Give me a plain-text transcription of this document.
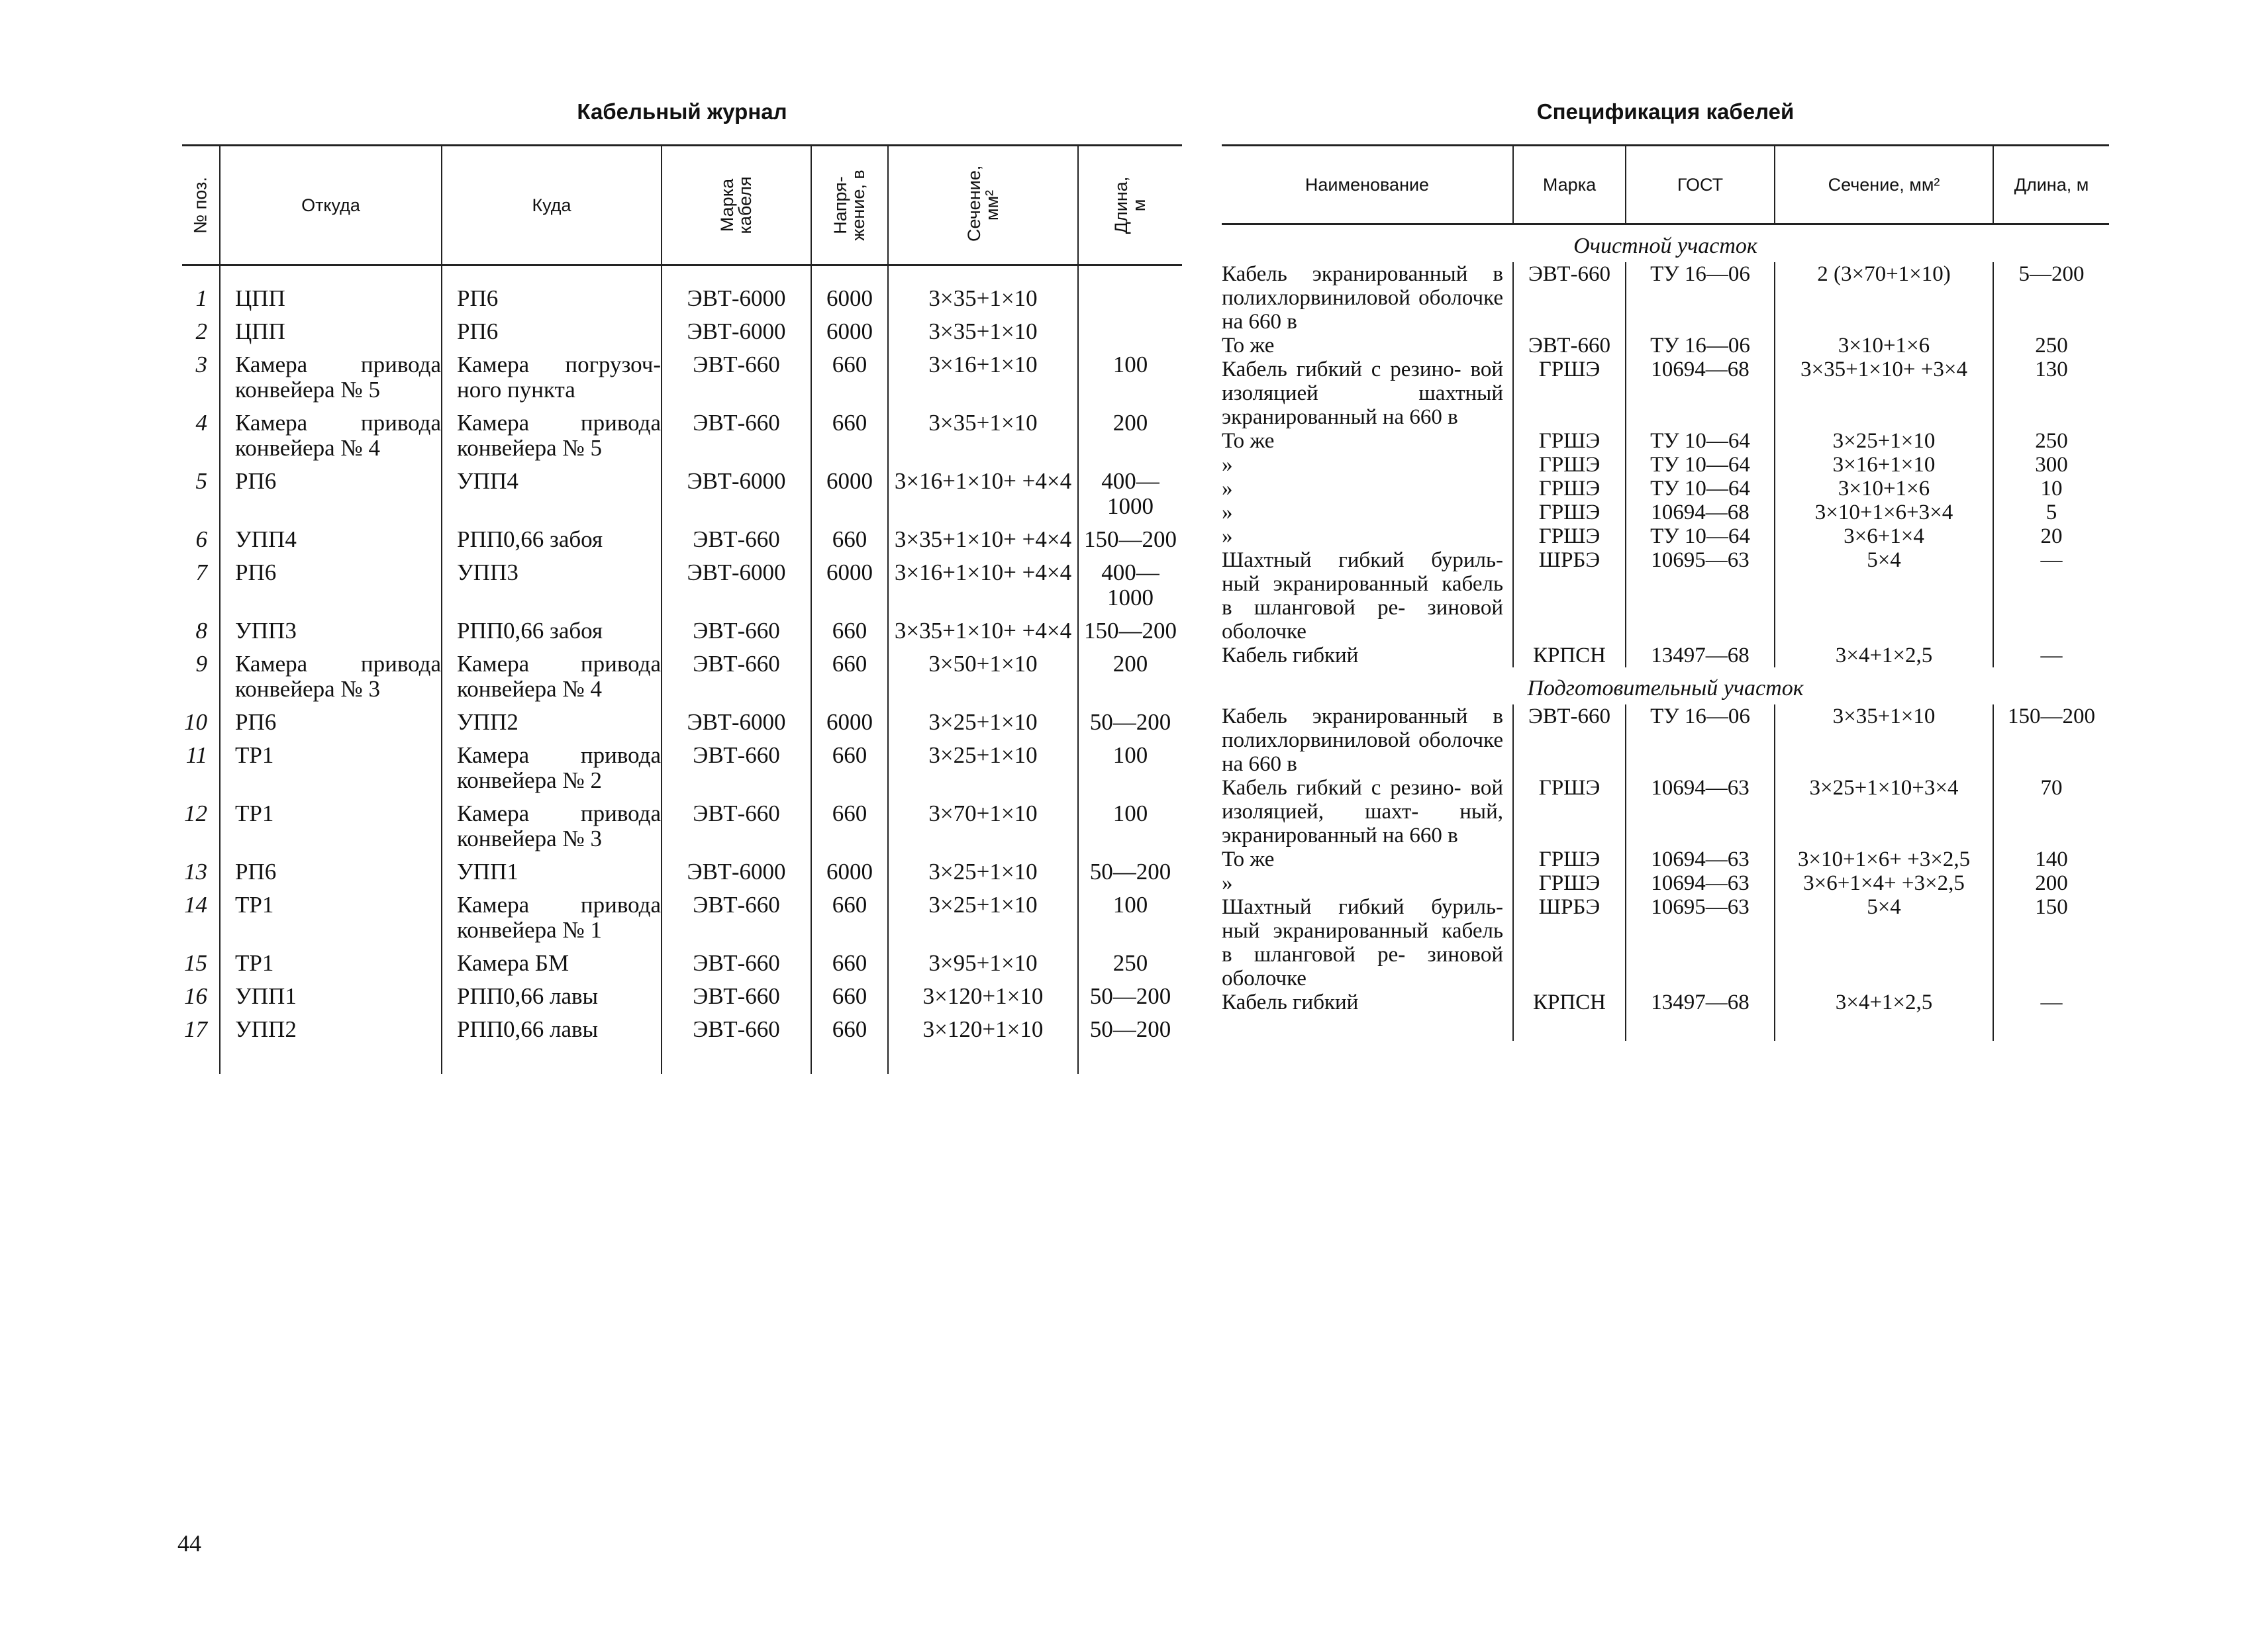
Кабельный журнал
№ поз.	Откуда	Куда	Марка кабеля	Напря- жение, в	Сечение, мм²	Длина, м

1	ЦПП	РП6	ЭВТ-6000	6000	3×35+1×10	
2	ЦПП	РП6	ЭВТ-6000	6000	3×35+1×10	
3	Камера привода конвейера № 5	Камера погрузоч- ного пункта	ЭВТ-660	660	3×16+1×10	100
4	Камера привода конвейера № 4	Камера привода конвейера № 5	ЭВТ-660	660	3×35+1×10	200
5	РП6	УПП4	ЭВТ-6000	6000	3×16+1×10+ +4×4	400—1000
6	УПП4	РПП0,66 забоя	ЭВТ-660	660	3×35+1×10+ +4×4	150—200
7	РП6	УПП3	ЭВТ-6000	6000	3×16+1×10+ +4×4	400—1000
8	УПП3	РПП0,66 забоя	ЭВТ-660	660	3×35+1×10+ +4×4	150—200
9	Камера привода конвейера № 3	Камера привода конвейера № 4	ЭВТ-660	660	3×50+1×10	200
10	РП6	УПП2	ЭВТ-6000	6000	3×25+1×10	50—200
11	ТР1	Камера привода конвейера № 2	ЭВТ-660	660	3×25+1×10	100
12	ТР1	Камера привода конвейера № 3	ЭВТ-660	660	3×70+1×10	100
13	РП6	УПП1	ЭВТ-6000	6000	3×25+1×10	50—200
14	ТР1	Камера привода конвейера № 1	ЭВТ-660	660	3×25+1×10	100
15	ТР1	Камера БМ	ЭВТ-660	660	3×95+1×10	250
16	УПП1	РПП0,66 лавы	ЭВТ-660	660	3×120+1×10	50—200
17	УПП2	РПП0,66 лавы	ЭВТ-660	660	3×120+1×10	50—200

Спецификация кабелей
Наименование	Марка	ГОСТ	Сечение, мм²	Длина, м
Очистной участок				
Кабель экранированный в полихлорвиниловой оболочке на 660 в	ЭВТ-660	ТУ 16—06	2 (3×70+1×10)	5—200
То же	ЭВТ-660	ТУ 16—06	3×10+1×6	250
Кабель гибкий с резино- вой изоляцией шахтный экранированный на 660 в	ГРШЭ	10694—68	3×35+1×10+ +3×4	130
То же	ГРШЭ	ТУ 10—64	3×25+1×10	250
»	ГРШЭ	ТУ 10—64	3×16+1×10	300
»	ГРШЭ	ТУ 10—64	3×10+1×6	10
»	ГРШЭ	10694—68	3×10+1×6+3×4	5
»	ГРШЭ	ТУ 10—64	3×6+1×4	20
Шахтный гибкий буриль- ный экранированный кабель в шланговой ре- зиновой оболочке	ШРБЭ	10695—63	5×4	—
Кабель гибкий	КРПСН	13497—68	3×4+1×2,5	—
Подготовительный участок				
Кабель экранированный в полихлорвиниловой оболочке на 660 в	ЭВТ-660	ТУ 16—06	3×35+1×10	150—200
Кабель гибкий с резино- вой изоляцией, шахт- ный, экранированный на 660 в	ГРШЭ	10694—63	3×25+1×10+3×4	70
То же	ГРШЭ	10694—63	3×10+1×6+ +3×2,5	140
»	ГРШЭ	10694—63	3×6+1×4+ +3×2,5	200
Шахтный гибкий буриль- ный экранированный кабель в шланговой ре- зиновой оболочке	ШРБЭ	10695—63	5×4	150
Кабель гибкий	КРПСН	13497—68	3×4+1×2,5	—

44
